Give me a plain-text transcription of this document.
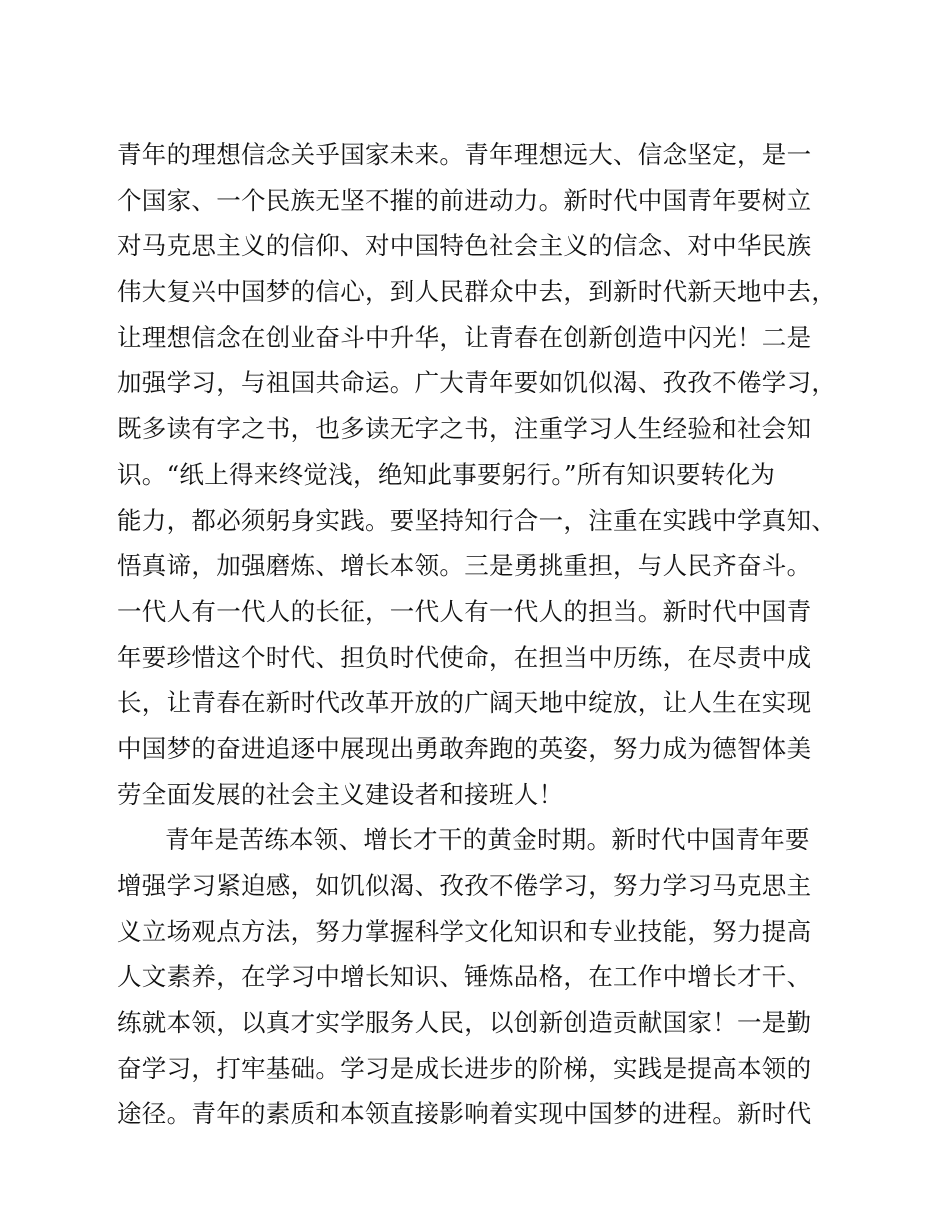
青年的理想信念关乎国家未来。青年理想远大、信念坚定，是一
个国家、一个民族无坚不摧的前进动力。新时代中国青年要树立
对马克思主义的信仰、对中国特色社会主义的信念、对中华民族
伟大复兴中国梦的信心，到人民群众中去，到新时代新天地中去，
让理想信念在创业奋斗中升华，让青春在创新创造中闪光！二是
加强学习，与祖国共命运。广大青年要如饥似渴、孜孜不倦学习，
既多读有字之书，也多读无字之书，注重学习人生经验和社会知
识。“纸上得来终觉浅，绝知此事要躬行。”所有知识要转化为
能力，都必须躬身实践。要坚持知行合一，注重在实践中学真知、
悟真谛，加强磨炼、增长本领。三是勇挑重担，与人民齐奋斗。
一代人有一代人的长征，一代人有一代人的担当。新时代中国青
年要珍惜这个时代、担负时代使命，在担当中历练，在尽责中成
长，让青春在新时代改革开放的广阔天地中绽放，让人生在实现
中国梦的奋进追逐中展现出勇敢奔跑的英姿，努力成为德智体美
劳全面发展的社会主义建设者和接班人！
青年是苦练本领、增长才干的黄金时期。新时代中国青年要
增强学习紧迫感，如饥似渴、孜孜不倦学习，努力学习马克思主
义立场观点方法，努力掌握科学文化知识和专业技能，努力提高
人文素养，在学习中增长知识、锤炼品格，在工作中增长才干、
练就本领，以真才实学服务人民，以创新创造贡献国家！一是勤
奋学习，打牢基础。学习是成长进步的阶梯，实践是提高本领的
途径。青年的素质和本领直接影响着实现中国梦的进程。新时代
